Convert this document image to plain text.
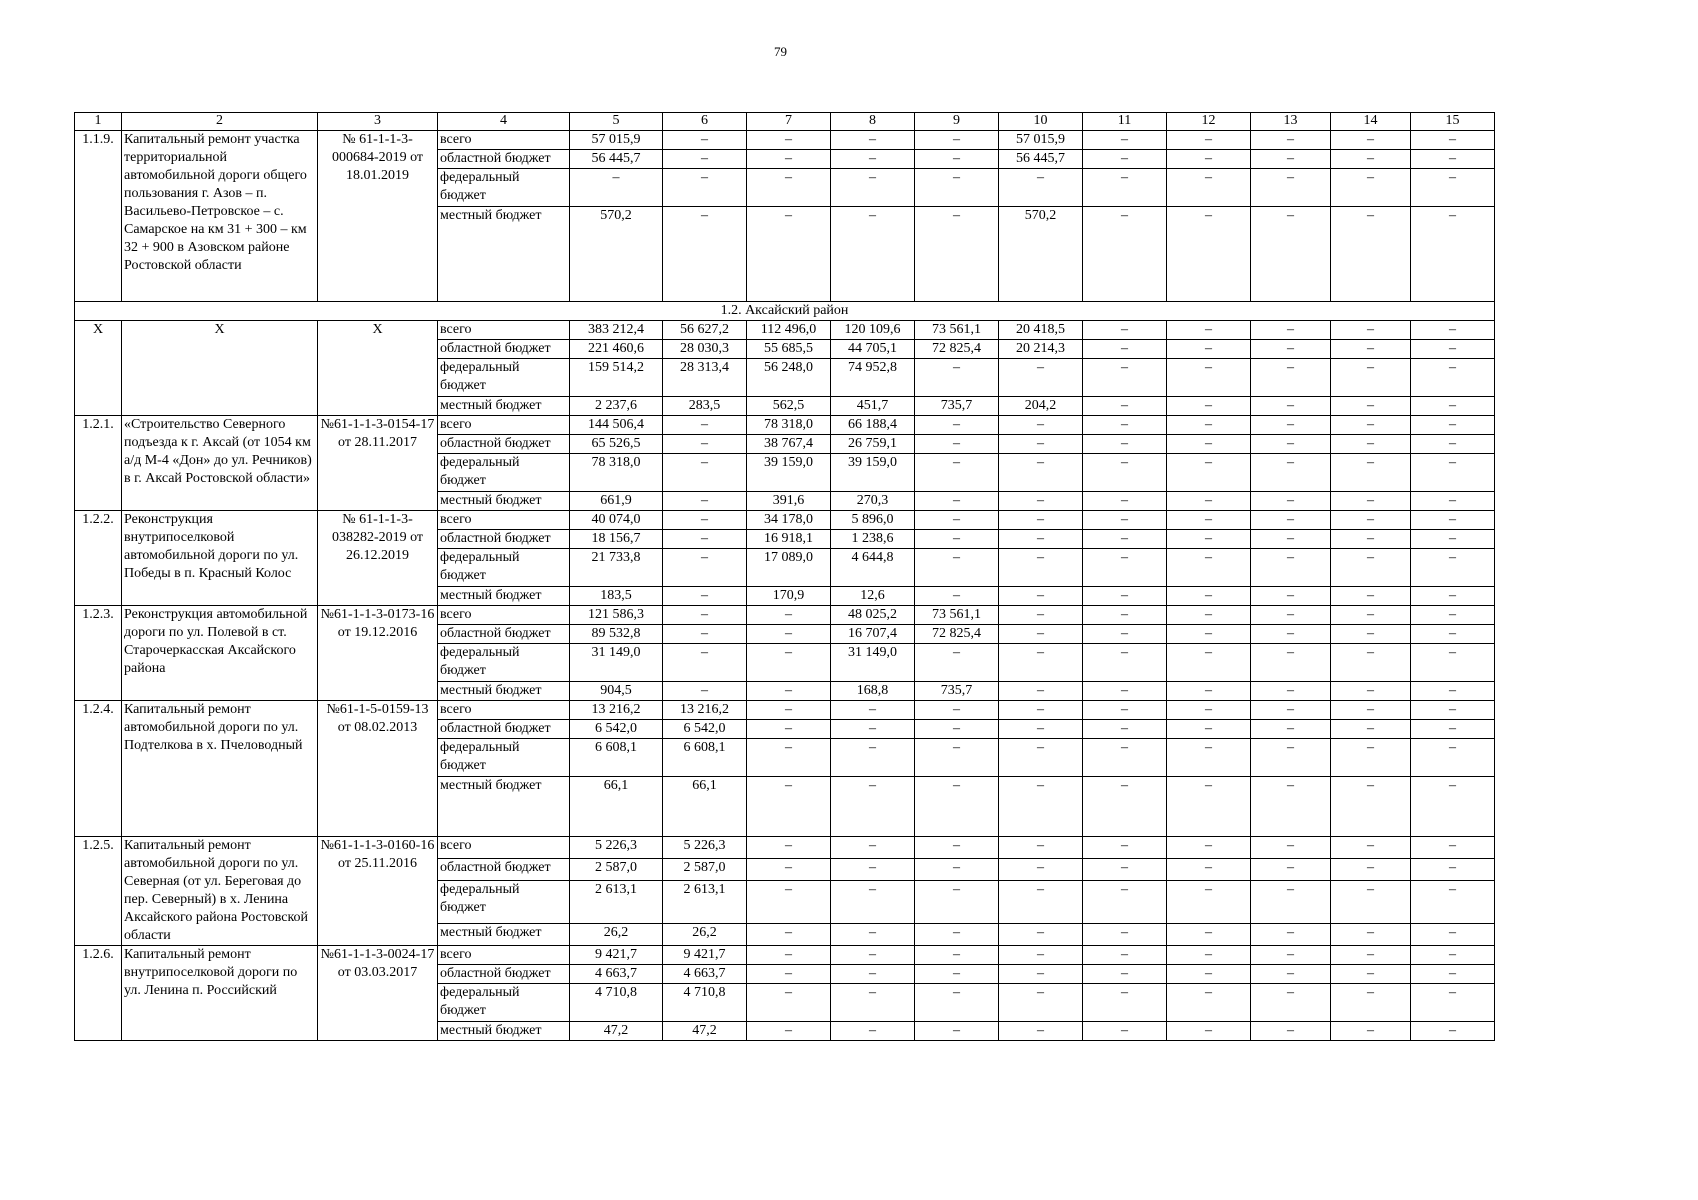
79
1	2	3	4	5	6	7	8	9	10	11	12	13	14	15
1.1.9.	Капитальный ремонт участка территориальной автомобильной дороги общего пользования г. Азов – п. Васильево-Петровское – с. Самарское на км 31 + 300 – км 32 + 900 в Азовском районе Ростовской области	№ 61-1-1-3-000684-2019 от 18.01.2019	всего	57 015,9	–	–	–	–	57 015,9	–	–	–	–	–
			областной бюджет	56 445,7	–	–	–	–	56 445,7	–	–	–	–	–
			федеральный бюджет	–	–	–	–	–	–	–	–	–	–	–
			местный бюджет	570,2	–	–	–	–	570,2	–	–	–	–	–
1.2. Аксайский район														
Х	Х	Х	всего	383 212,4	56 627,2	112 496,0	120 109,6	73 561,1	20 418,5	–	–	–	–	–
			областной бюджет	221 460,6	28 030,3	55 685,5	44 705,1	72 825,4	20 214,3	–	–	–	–	–
			федеральный бюджет	159 514,2	28 313,4	56 248,0	74 952,8	–	–	–	–	–	–	–
			местный бюджет	2 237,6	283,5	562,5	451,7	735,7	204,2	–	–	–	–	–
1.2.1.	«Строительство Северного подъезда к г. Аксай (от 1054 км а/д М-4 «Дон» до ул. Речников) в г. Аксай Ростовской области»	№61-1-1-3-0154-17 от 28.11.2017	всего	144 506,4	–	78 318,0	66 188,4	–	–	–	–	–	–	–
			областной бюджет	65 526,5	–	38 767,4	26 759,1	–	–	–	–	–	–	–
			федеральный бюджет	78 318,0	–	39 159,0	39 159,0	–	–	–	–	–	–	–
			местный бюджет	661,9	–	391,6	270,3	–	–	–	–	–	–	–
1.2.2.	Реконструкция внутрипоселковой автомобильной дороги по ул. Победы в п. Красный Колос	№ 61-1-1-3-038282-2019 от 26.12.2019	всего	40 074,0	–	34 178,0	5 896,0	–	–	–	–	–	–	–
			областной бюджет	18 156,7	–	16 918,1	1 238,6	–	–	–	–	–	–	–
			федеральный бюджет	21 733,8	–	17 089,0	4 644,8	–	–	–	–	–	–	–
			местный бюджет	183,5	–	170,9	12,6	–	–	–	–	–	–	–
1.2.3.	Реконструкция автомобильной дороги по ул. Полевой в ст. Старочеркасская Аксайского района	№61-1-1-3-0173-16 от 19.12.2016	всего	121 586,3	–	–	48 025,2	73 561,1	–	–	–	–	–	–
			областной бюджет	89 532,8	–	–	16 707,4	72 825,4	–	–	–	–	–	–
			федеральный бюджет	31 149,0	–	–	31 149,0	–	–	–	–	–	–	–
			местный бюджет	904,5	–	–	168,8	735,7	–	–	–	–	–	–
1.2.4.	Капитальный ремонт автомобильной дороги по ул. Подтелкова в х. Пчеловодный	№61-1-5-0159-13 от 08.02.2013	всего	13 216,2	13 216,2	–	–	–	–	–	–	–	–	–
			областной бюджет	6 542,0	6 542,0	–	–	–	–	–	–	–	–	–
			федеральный бюджет	6 608,1	6 608,1	–	–	–	–	–	–	–	–	–
			местный бюджет	66,1	66,1	–	–	–	–	–	–	–	–	–
1.2.5.	Капитальный ремонт автомобильной дороги по ул. Северная (от ул. Береговая до пер. Северный) в х. Ленина Аксайского района Ростовской области	№61-1-1-3-0160-16 от 25.11.2016	всего	5 226,3	5 226,3	–	–	–	–	–	–	–	–	–
			областной бюджет	2 587,0	2 587,0	–	–	–	–	–	–	–	–	–
			федеральный бюджет	2 613,1	2 613,1	–	–	–	–	–	–	–	–	–
			местный бюджет	26,2	26,2	–	–	–	–	–	–	–	–	–
1.2.6.	Капитальный ремонт внутрипоселковой дороги по ул. Ленина п. Российский	№61-1-1-3-0024-17 от 03.03.2017	всего	9 421,7	9 421,7	–	–	–	–	–	–	–	–	–
			областной бюджет	4 663,7	4 663,7	–	–	–	–	–	–	–	–	–
			федеральный бюджет	4 710,8	4 710,8	–	–	–	–	–	–	–	–	–
			местный бюджет	47,2	47,2	–	–	–	–	–	–	–	–	–
